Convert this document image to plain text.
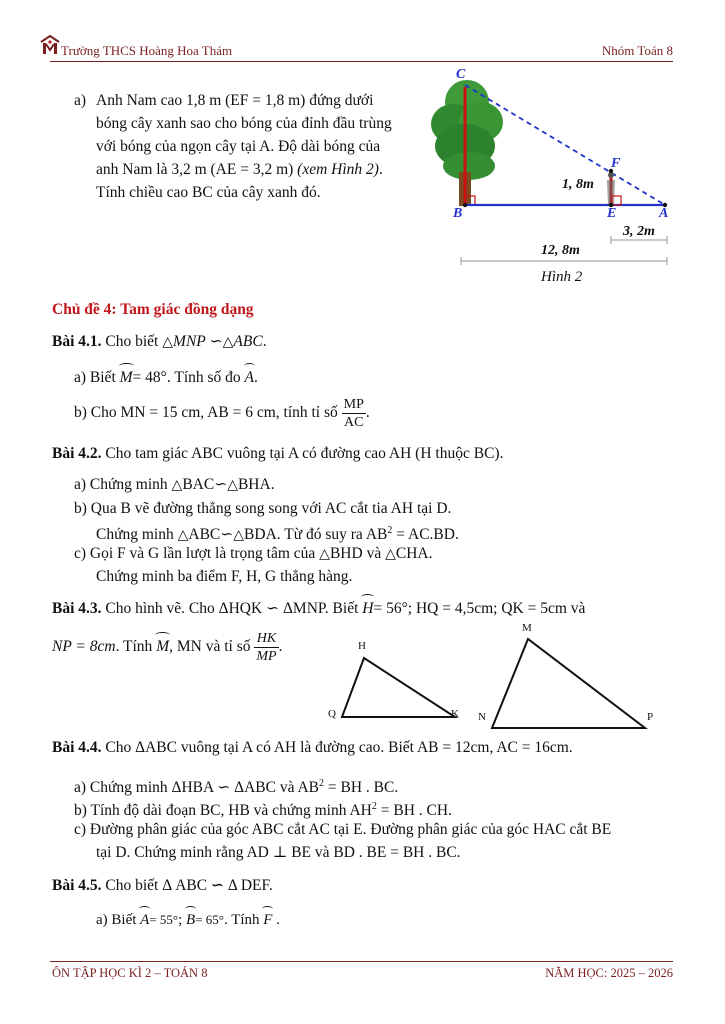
Trường THCS Hoàng Hoa Thám	Nhóm Toán 8
a) Anh Nam cao 1,8 m (EF = 1,8 m) đứng dưới
bóng cây xanh sao cho bóng của đỉnh đầu trùng
với bóng của ngọn cây tại A. Độ dài bóng của
anh Nam là 3,2 m (AE = 3,2 m) (xem Hình 2).
Tính chiều cao BC của cây xanh đó.
C
F
B	E	A
1, 8m
3, 2m
12, 8m
Hình 2
Chủ đề 4: Tam giác đồng dạng
Bài 4.1. Cho biết △MNP ∽△ABC.
a) Biết M= 48°. Tính số đo A.
b) Cho MN = 15 cm, AB = 6 cm, tính tỉ số $\frac{MP}{AC}$ .
Bài 4.2. Cho tam giác ABC vuông tại A có đường cao AH (H thuộc BC).
a) Chứng minh △BAC∽△BHA.
b) Qua B vẽ đường thẳng song song với AC cắt tia AH tại D.
Chứng minh △ABC∽△BDA. Từ đó suy ra $AB^2 = AC.BD$.
c) Gọi F và G lần lượt là trọng tâm của △BHD và △CHA.
Chứng minh ba điểm F, H, G thẳng hàng.
Bài 4.3. Cho hình vẽ. Cho ΔHQK ∽ ΔMNP. Biết H= 56°; HQ = 4,5cm; QK = 5cm và
NP = 8cm. Tính M, MN và tỉ số $\frac{HK}{MP}$ .	H
Q	K
M
N	P
Bài 4.4. Cho ΔABC vuông tại A có AH là đường cao. Biết AB = 12cm, AC = 16cm.
a) Chứng minh ΔHBA ∽ ΔABC và $AB^2$ = BH . BC.
b) Tính độ dài đoạn BC, HB và chứng minh $AH^2$ = BH . CH.
c) Đường phân giác của góc ABC cắt AC tại E. Đường phân giác của góc HAC cắt BE
tại D. Chứng minh rằng AD ⊥ BE và BD . BE = BH . BC.
Bài 4.5. Cho biết Δ ABC ∽ Δ DEF.
a) Biết A= 55°; B= 65°. Tính F .
ÔN TẬP HỌC KÌ 2 – TOÁN 8	NĂM HỌC: 2025 – 2026
